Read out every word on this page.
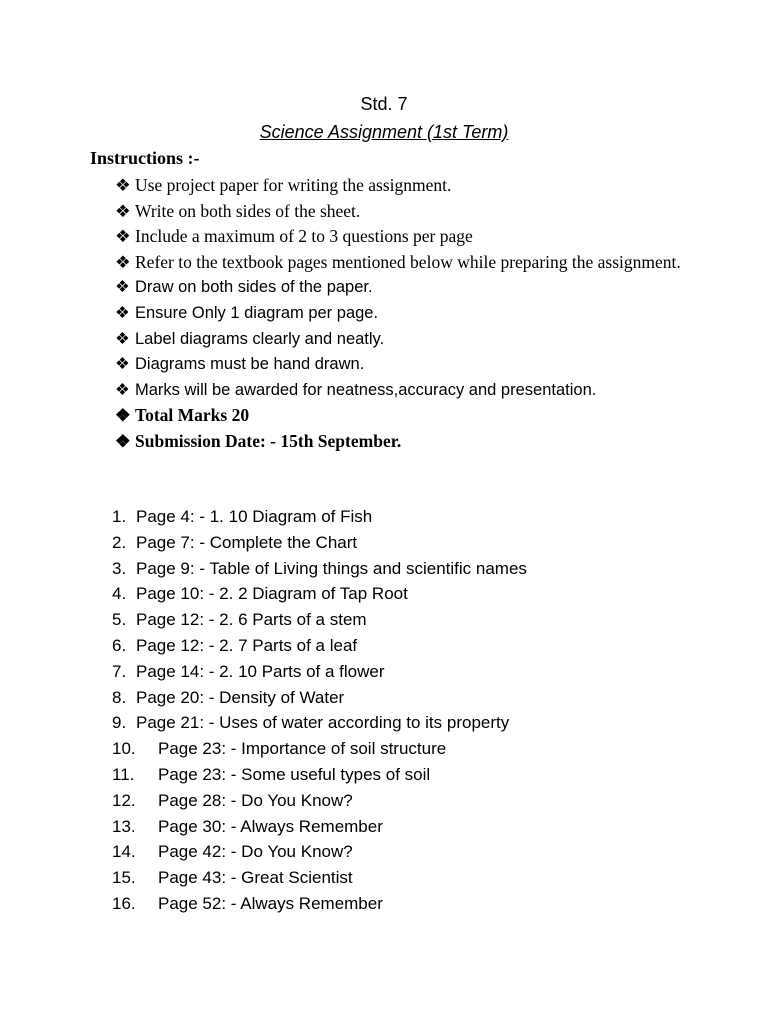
Std. 7
Science Assignment (1st Term)
Instructions :-

❖ Use project paper for writing the assignment.

❖ Write on both sides of the sheet.

❖ Include a maximum of 2 to 3 questions per page

❖ Refer to the textbook pages mentioned below while preparing the assignment.

❖ Draw on both sides of the paper.

❖ Ensure Only 1 diagram per page.

❖ Label diagrams clearly and neatly.

❖ Diagrams must be hand drawn.

❖ Marks will be awarded for neatness,accuracy and presentation.

❖ Total Marks 20

❖ Submission Date: - 15th September.

1. Page 4: - 1. 10 Diagram of Fish
2. Page 7: - Complete the Chart
3. Page 9: - Table of Living things and scientific names
4. Page 10: - 2. 2 Diagram of Tap Root
5. Page 12: - 2. 6 Parts of a stem
6. Page 12: - 2. 7 Parts of a leaf
7. Page 14: - 2. 10 Parts of a flower
8. Page 20: - Density of Water
9. Page 21: - Uses of water according to its property
10. Page 23: - Importance of soil structure
11. Page 23: - Some useful types of soil
12. Page 28: - Do You Know?
13. Page 30: - Always Remember
14. Page 42: - Do You Know?
15. Page 43: - Great Scientist
16. Page 52: - Always Remember
